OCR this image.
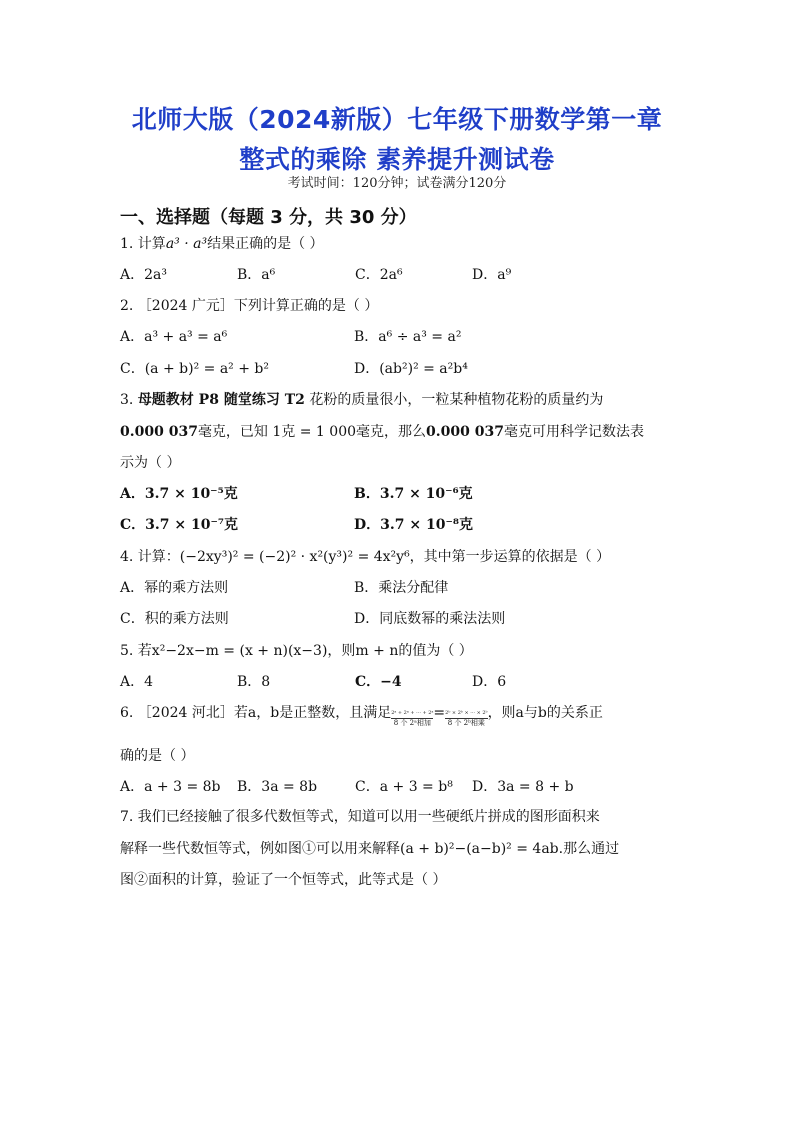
北师大版（2024新版）七年级下册数学第一章
整式的乘除 素养提升测试卷
考试时间：120分钟；试卷满分120分
一、选择题（每题 3 分，共 30 分）
1. 计算a³ · a³结果正确的是（ ）
A．2a³	B．a⁶	C．2a⁶	D．a⁹
2. ［2024 广元］下列计算正确的是（ ）
A．a³ + a³ = a⁶	B．a⁶ ÷ a³ = a²
C．(a + b)² = a² + b²	D．(ab²)² = a²b⁴
3. 母题教材 P8 随堂练习 T2 花粉的质量很小，一粒某种植物花粉的质量约为
0.000 037毫克，已知 1克 = 1 000毫克，那么0.000 037毫克可用科学记数法表
示为（ ）
A．3.7 × 10⁻⁵克	B．3.7 × 10⁻⁶克
C．3.7 × 10⁻⁷克	D．3.7 × 10⁻⁸克
4. 计算：(−2xy³)² = (−2)² · x²(y³)² = 4x²y⁶，其中第一步运算的依据是（ ）
A．幂的乘方法则	B．乘法分配律
C．积的乘方法则	D．同底数幂的乘法法则
5. 若x²−2x−m = (x + n)(x−3)，则m + n的值为（ ）
A．4	B．8	C．−4	D．6
6. ［2024 河北］若a，b是正整数，且满足 2ᵃ + 2ᵃ + ··· + 2ᵃ
8 个 2ᵃ相加
= 2ᵇ × 2ᵇ × ··· × 2ᵇ
8 个 2ᵇ相乘
，则a与b的关系正
确的是（ ）
A．a + 3 = 8b B．3a = 8b	C．a + 3 = b⁸ D．3a = 8 + b
7. 我们已经接触了很多代数恒等式，知道可以用一些硬纸片拼成的图形面积来
解释一些代数恒等式，例如图①可以用来解释(a + b)²−(a−b)² = 4ab.那么通过
图②面积的计算，验证了一个恒等式，此等式是（ ）
